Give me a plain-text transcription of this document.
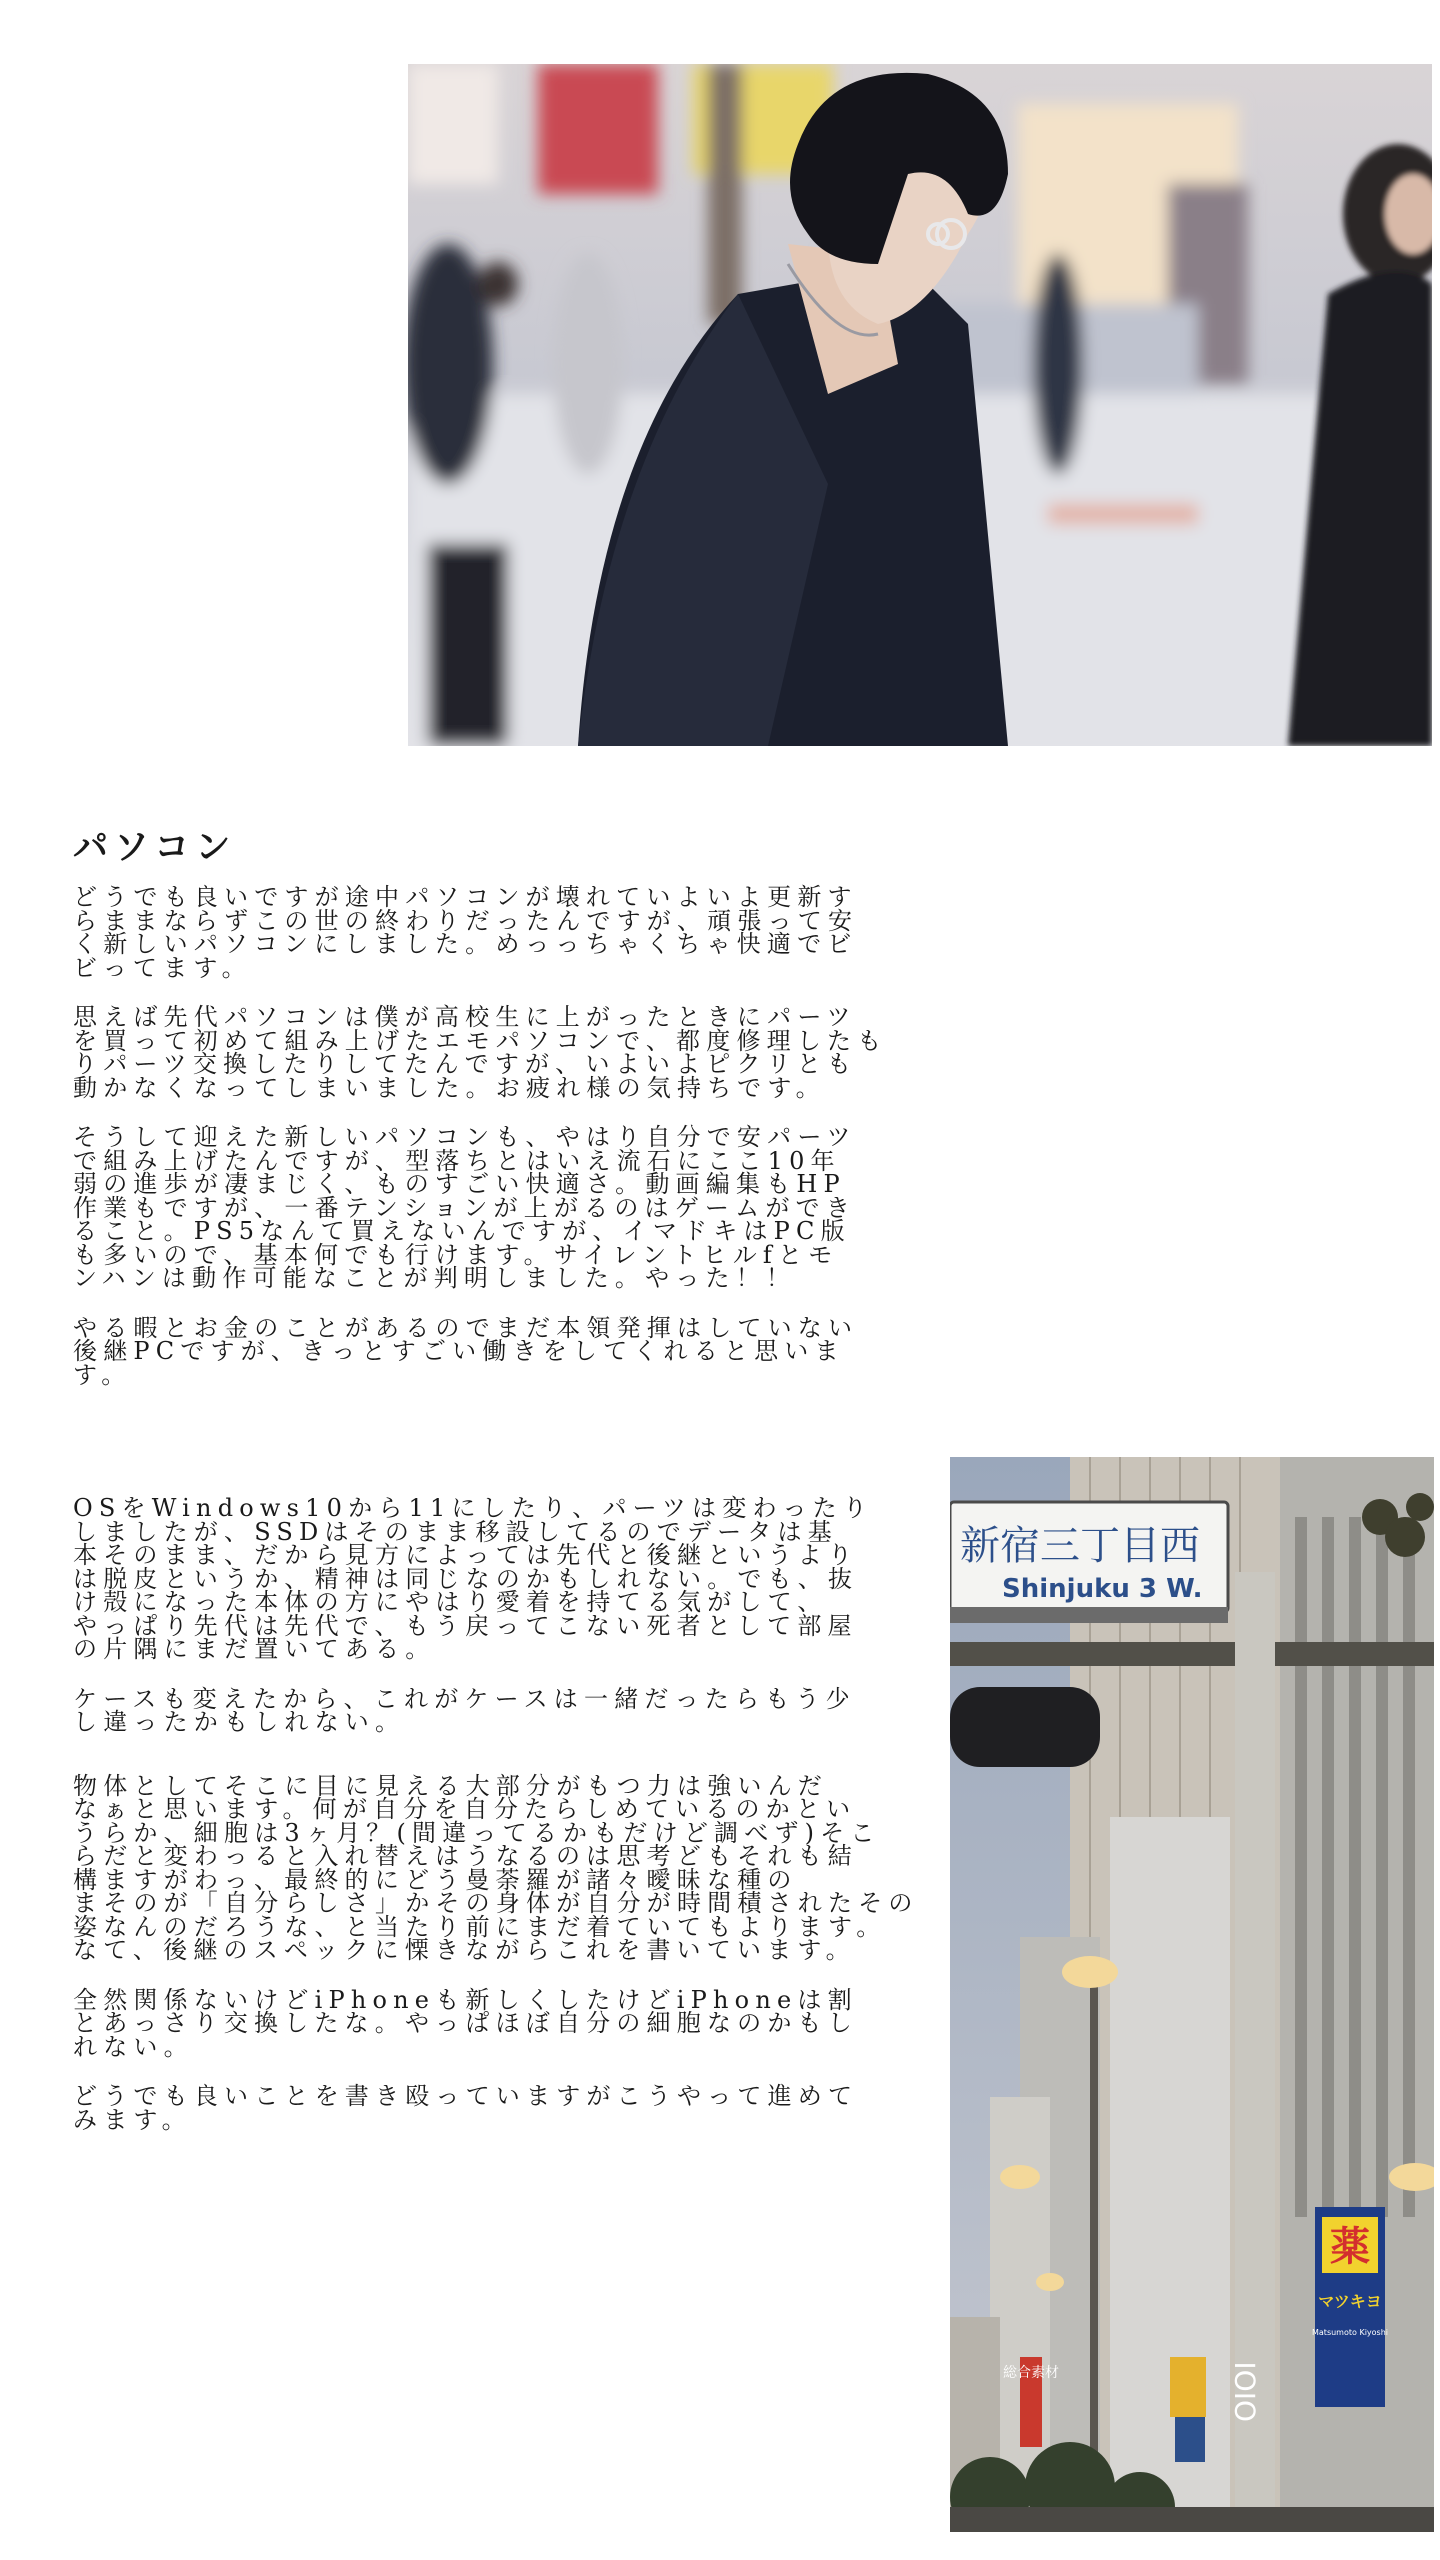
パソコン

どうでも良いですが途中パソコンが壊れていよいよ更新す
らままならずこの世の終わりだったんですが、頑張って安
く新しいパソコンにしました。めっっちゃくちゃ快適でビ
ビってます。

思えば先代パソコンは僕が高校生に上がったときにパーツ
を買って初めて組み上げたエモパソコンで、都度修理したも
りパーツ交換したりしてたんですが、いよいよピクリとも
動かなくなってしまいました。お疲れ様の気持ちです。

そうして迎えた新しいパソコンも、やはり自分で安パーツ
で組み上げたんですが、型落ちとはいえ流石にここ10年
弱の進歩が凄まじく、ものすごい快適さ。動画編集もHP
作業もですが、一番テンションが上がるのはゲームができ
ること。PS5なんて買えないんですが、イマドキはPC版
も多いので、基本何でも行けます。サイレントヒルfとモ
ンハンは動作可能なことが判明しました。やった！！

やる暇とお金のことがあるのでまだ本領発揮はしていない
後継PCですが、きっとすごい働きをしてくれると思いま
す。

OSをWindows10から11にしたり、パーツは変わったり
しましたが、SSDはそのまま移設してるのでデータは基
本そのまま、だから見方によっては先代と後継というより
は脱皮というか、精神は同じなのかもしれない。でも、抜
け殻になった本体の方にやはり愛着を持てる気がして、
やっぱり先代は先代で、もう戻ってこない死者として部屋
の片隅にまだ置いてある。

ケースも変えたから、これがケースは一緒だったらもう少
し違ったかもしれない。

物体としてそこに目に見える大部分がもつ力は強いんだ
なぁと思います。何が自分を自分たらしめているのかとい
うらか、細胞は3ヶ月？(間違ってるかもだけど調べず)そこ
らだと変わっると入れ替えはうなるのは思考どもそれも結
構ますがわっ、最終的にどう曼荼羅が諸々曖昧な種の
まそのが「自分らしさ」かその身体が自分が時間積されたその
姿なんのだろうな、と当たり前にまだ着ていてもよります。
なて、後継のスペックに慄きながらこれを書いています。

全然関係ないけどiPhoneも新しくしたけどiPhoneは割
とあっさり交換したな。やっぱほぼ自分の細胞なのかもし
れない。

どうでも良いことを書き殴っていますがこうやって進めて
みます。

新宿三丁目西
Shinjuku 3 W.
薬
マツキヨ
Matsumoto Kiyoshi
OIOI
総合素材
